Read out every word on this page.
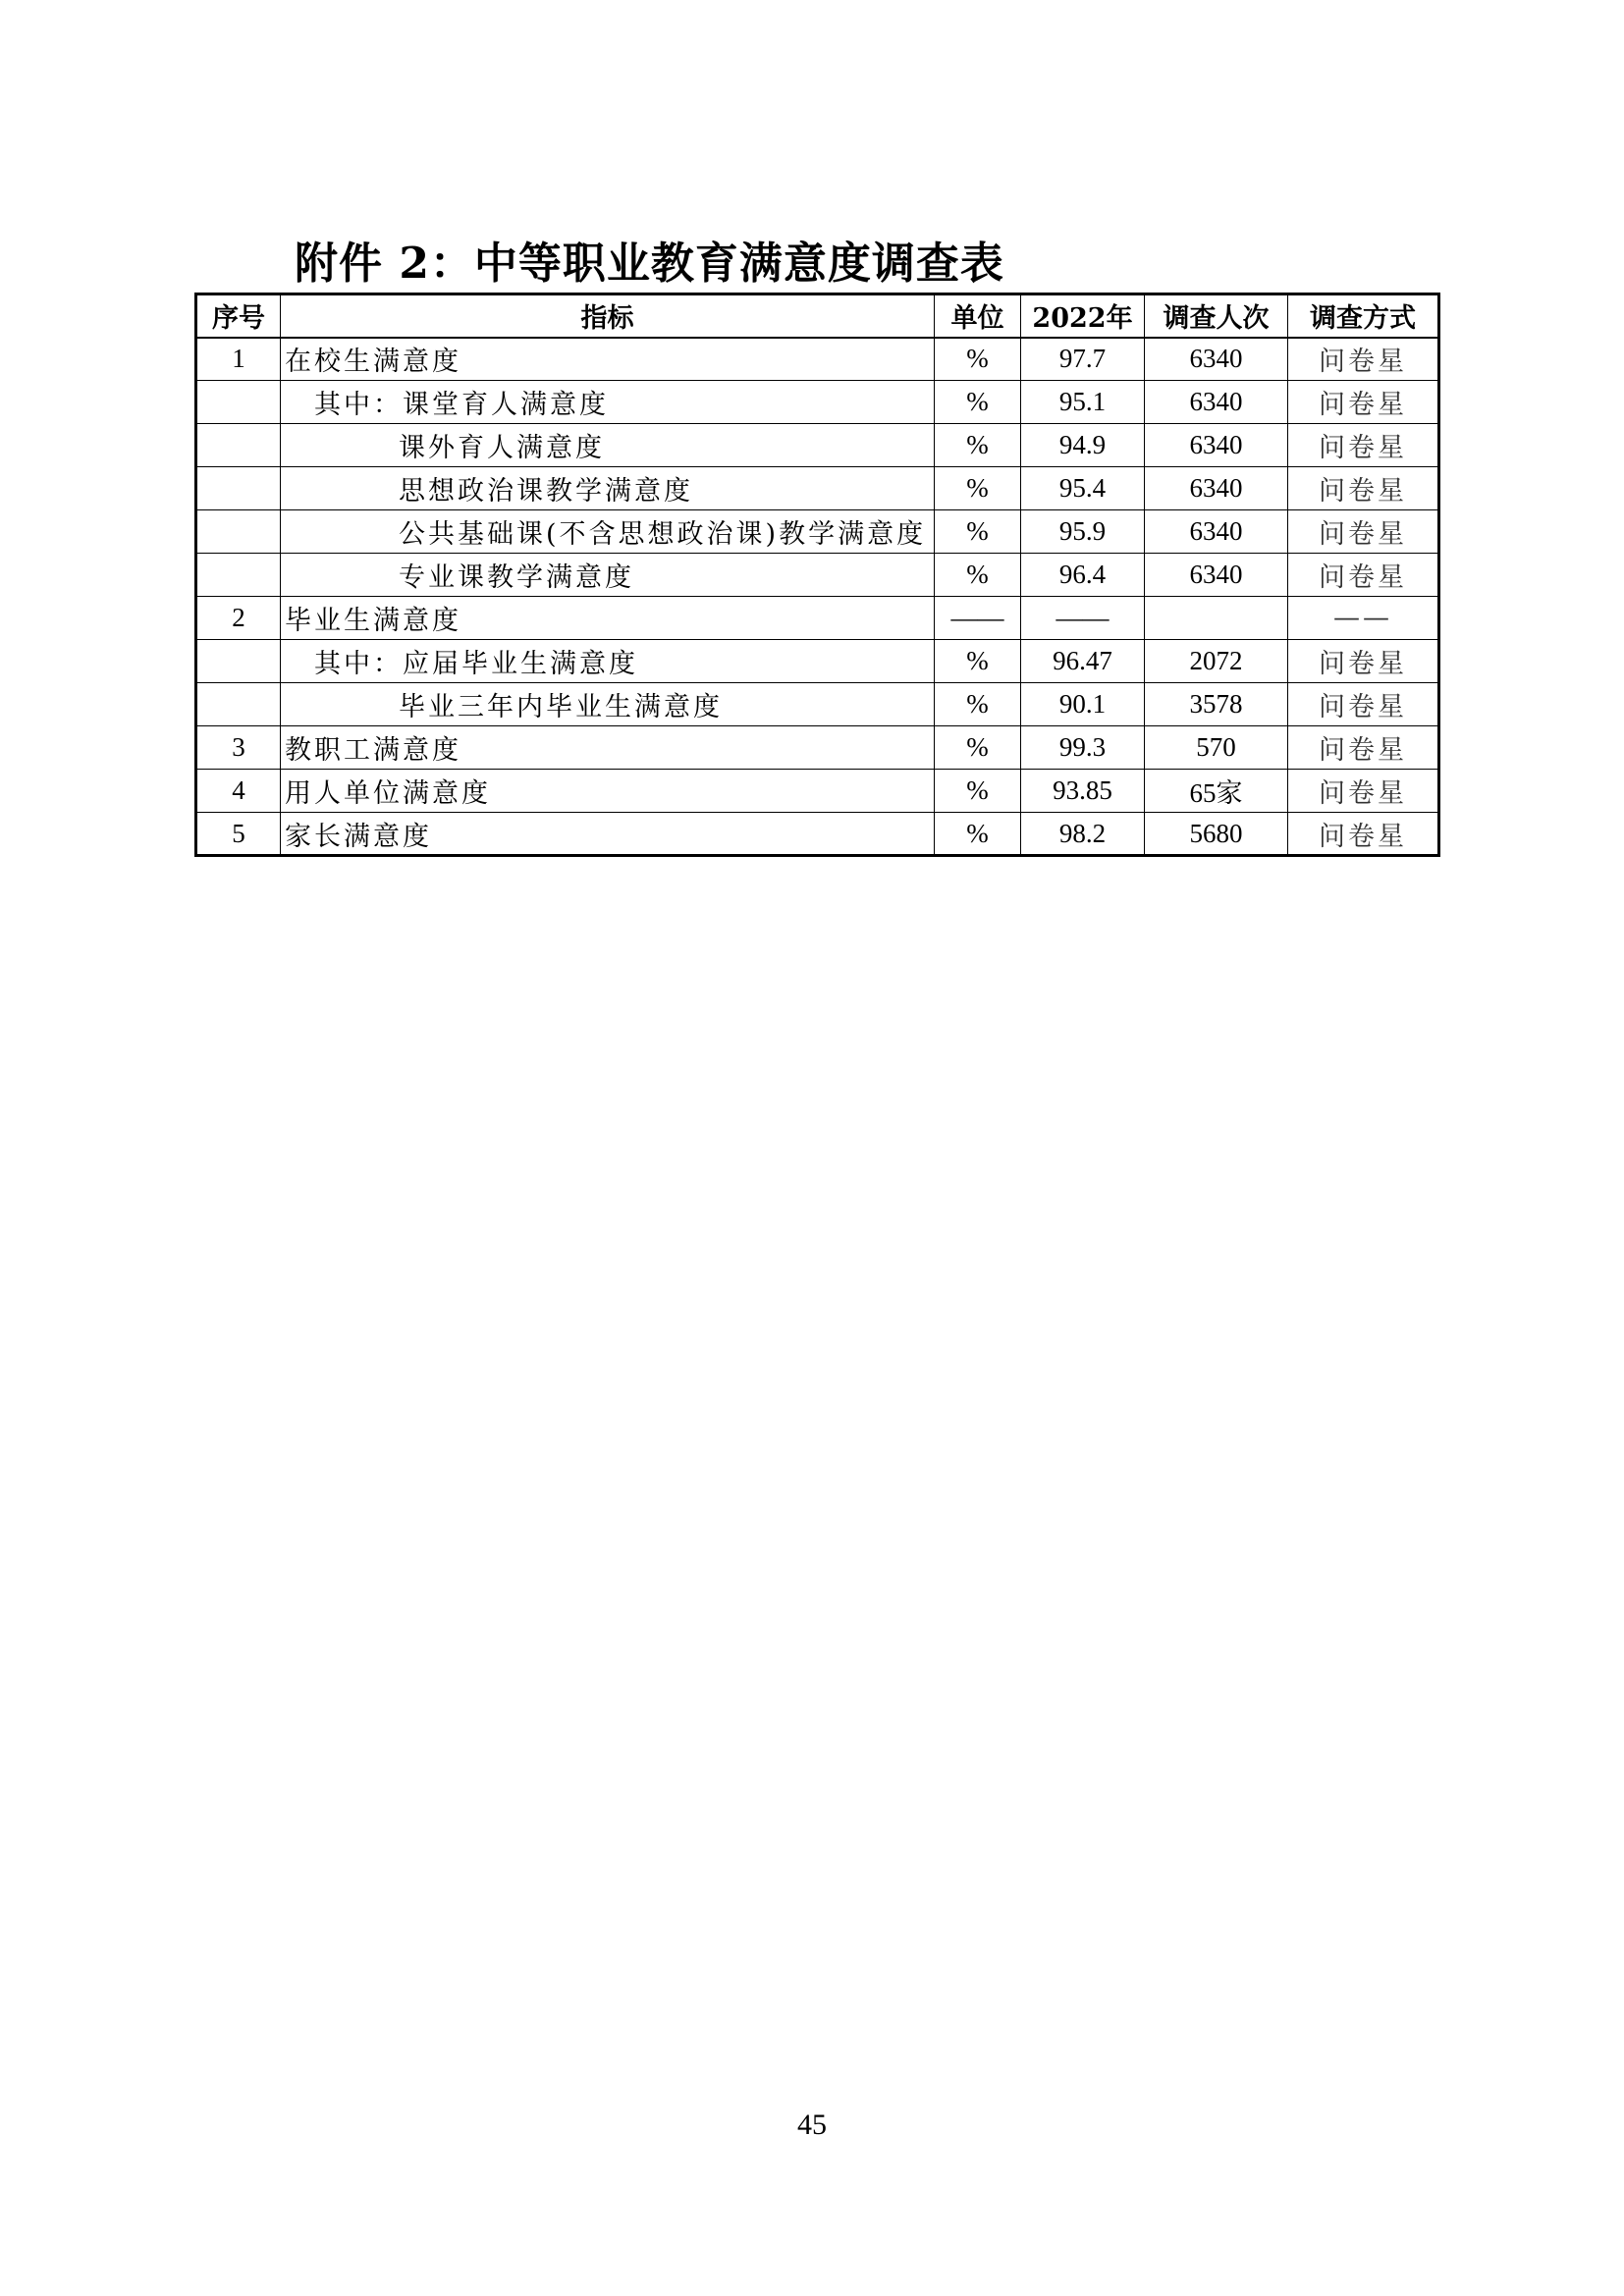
附件 2：中等职业教育满意度调查表
序号	指标	单位	2022年	调查人次	调查方式
1	在校生满意度	%	97.7	6340	问卷星
	其中：课堂育人满意度	%	95.1	6340	问卷星
	课外育人满意度	%	94.9	6340	问卷星
	思想政治课教学满意度	%	95.4	6340	问卷星
	公共基础课(不含思想政治课)教学满意度	%	95.9	6340	问卷星
	专业课教学满意度	%	96.4	6340	问卷星
2	毕业生满意度	——	——		——
	其中：应届毕业生满意度	%	96.47	2072	问卷星
	毕业三年内毕业生满意度	%	90.1	3578	问卷星
3	教职工满意度	%	99.3	570	问卷星
4	用人单位满意度	%	93.85	65家	问卷星
5	家长满意度	%	98.2	5680	问卷星
45
